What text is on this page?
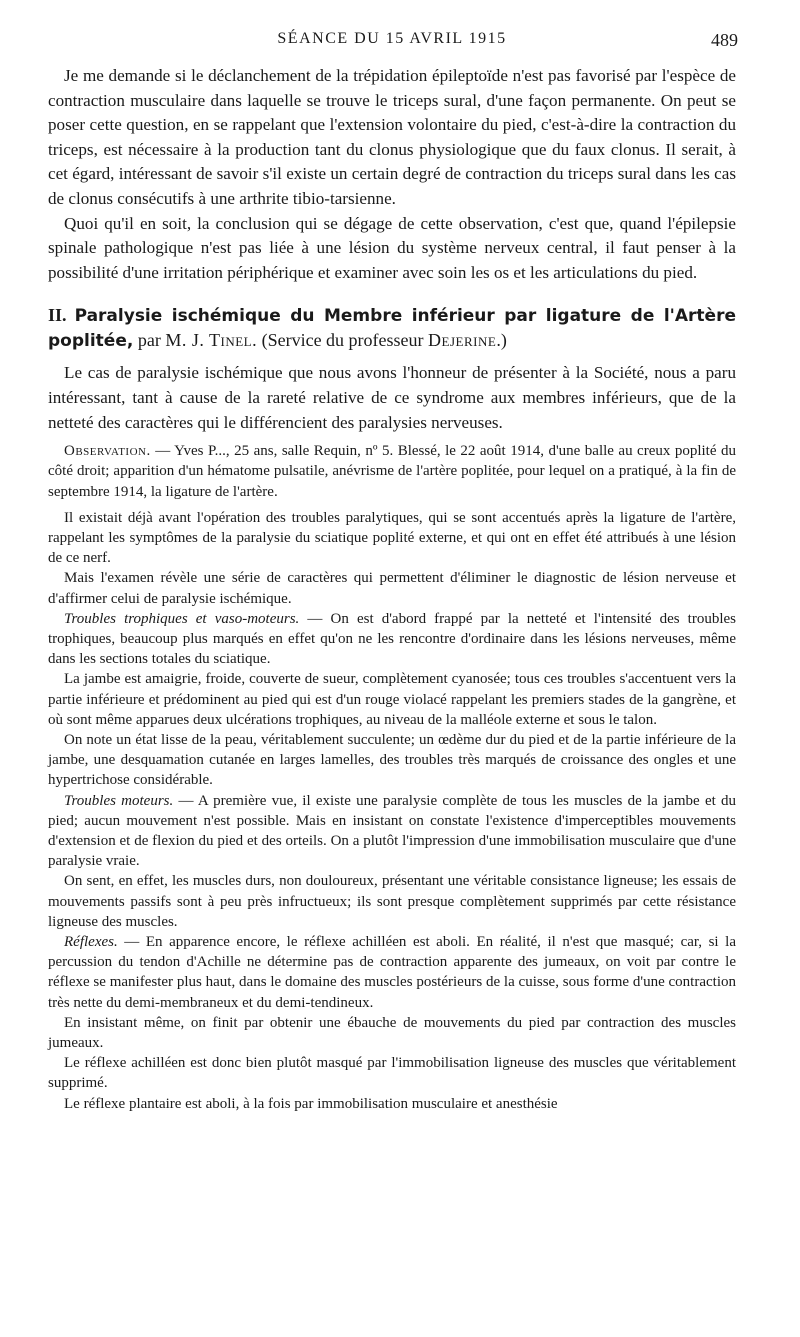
SÉANCE DU 15 AVRIL 1915	489

Je me demande si le déclanchement de la trépidation épileptoïde n'est pas favorisé par l'espèce de contraction musculaire dans laquelle se trouve le triceps sural, d'une façon permanente. On peut se poser cette question, en se rappelant que l'extension volontaire du pied, c'est-à-dire la contraction du triceps, est nécessaire à la production tant du clonus physiologique que du faux clonus. Il serait, à cet égard, intéressant de savoir s'il existe un certain degré de contraction du triceps sural dans les cas de clonus consécutifs à une arthrite tibio-tarsienne.

Quoi qu'il en soit, la conclusion qui se dégage de cette observation, c'est que, quand l'épilepsie spinale pathologique n'est pas liée à une lésion du système nerveux central, il faut penser à la possibilité d'une irritation périphérique et examiner avec soin les os et les articulations du pied.

II. Paralysie ischémique du Membre inférieur par ligature de l'Artère poplitée, par M. J. Tinel. (Service du professeur Dejerine.)

Le cas de paralysie ischémique que nous avons l'honneur de présenter à la Société, nous a paru intéressant, tant à cause de la rareté relative de ce syndrome aux membres inférieurs, que de la netteté des caractères qui le différencient des paralysies nerveuses.

Observation. — Yves P..., 25 ans, salle Requin, nº 5. Blessé, le 22 août 1914, d'une balle au creux poplité du côté droit; apparition d'un hématome pulsatile, anévrisme de l'artère poplitée, pour lequel on a pratiqué, à la fin de septembre 1914, la ligature de l'artère.

Il existait déjà avant l'opération des troubles paralytiques, qui se sont accentués après la ligature de l'artère, rappelant les symptômes de la paralysie du sciatique poplité externe, et qui ont en effet été attribués à une lésion de ce nerf.

Mais l'examen révèle une série de caractères qui permettent d'éliminer le diagnostic de lésion nerveuse et d'affirmer celui de paralysie ischémique.

Troubles trophiques et vaso-moteurs. — On est d'abord frappé par la netteté et l'intensité des troubles trophiques, beaucoup plus marqués en effet qu'on ne les rencontre d'ordinaire dans les lésions nerveuses, même dans les sections totales du sciatique.

La jambe est amaigrie, froide, couverte de sueur, complètement cyanosée; tous ces troubles s'accentuent vers la partie inférieure et prédominent au pied qui est d'un rouge violacé rappelant les premiers stades de la gangrène, et où sont même apparues deux ulcérations trophiques, au niveau de la malléole externe et sous le talon.

On note un état lisse de la peau, véritablement succulente; un œdème dur du pied et de la partie inférieure de la jambe, une desquamation cutanée en larges lamelles, des troubles très marqués de croissance des ongles et une hypertrichose considérable.

Troubles moteurs. — A première vue, il existe une paralysie complète de tous les muscles de la jambe et du pied; aucun mouvement n'est possible. Mais en insistant on constate l'existence d'imperceptibles mouvements d'extension et de flexion du pied et des orteils. On a plutôt l'impression d'une immobilisation musculaire que d'une paralysie vraie.

On sent, en effet, les muscles durs, non douloureux, présentant une véritable consistance ligneuse; les essais de mouvements passifs sont à peu près infructueux; ils sont presque complètement supprimés par cette résistance ligneuse des muscles.

Réflexes. — En apparence encore, le réflexe achilléen est aboli. En réalité, il n'est que masqué; car, si la percussion du tendon d'Achille ne détermine pas de contraction apparente des jumeaux, on voit par contre le réflexe se manifester plus haut, dans le domaine des muscles postérieurs de la cuisse, sous forme d'une contraction très nette du demi-membraneux et du demi-tendineux.

En insistant même, on finit par obtenir une ébauche de mouvements du pied par contraction des muscles jumeaux.

Le réflexe achilléen est donc bien plutôt masqué par l'immobilisation ligneuse des muscles que véritablement supprimé.

Le réflexe plantaire est aboli, à la fois par immobilisation musculaire et anesthésie
